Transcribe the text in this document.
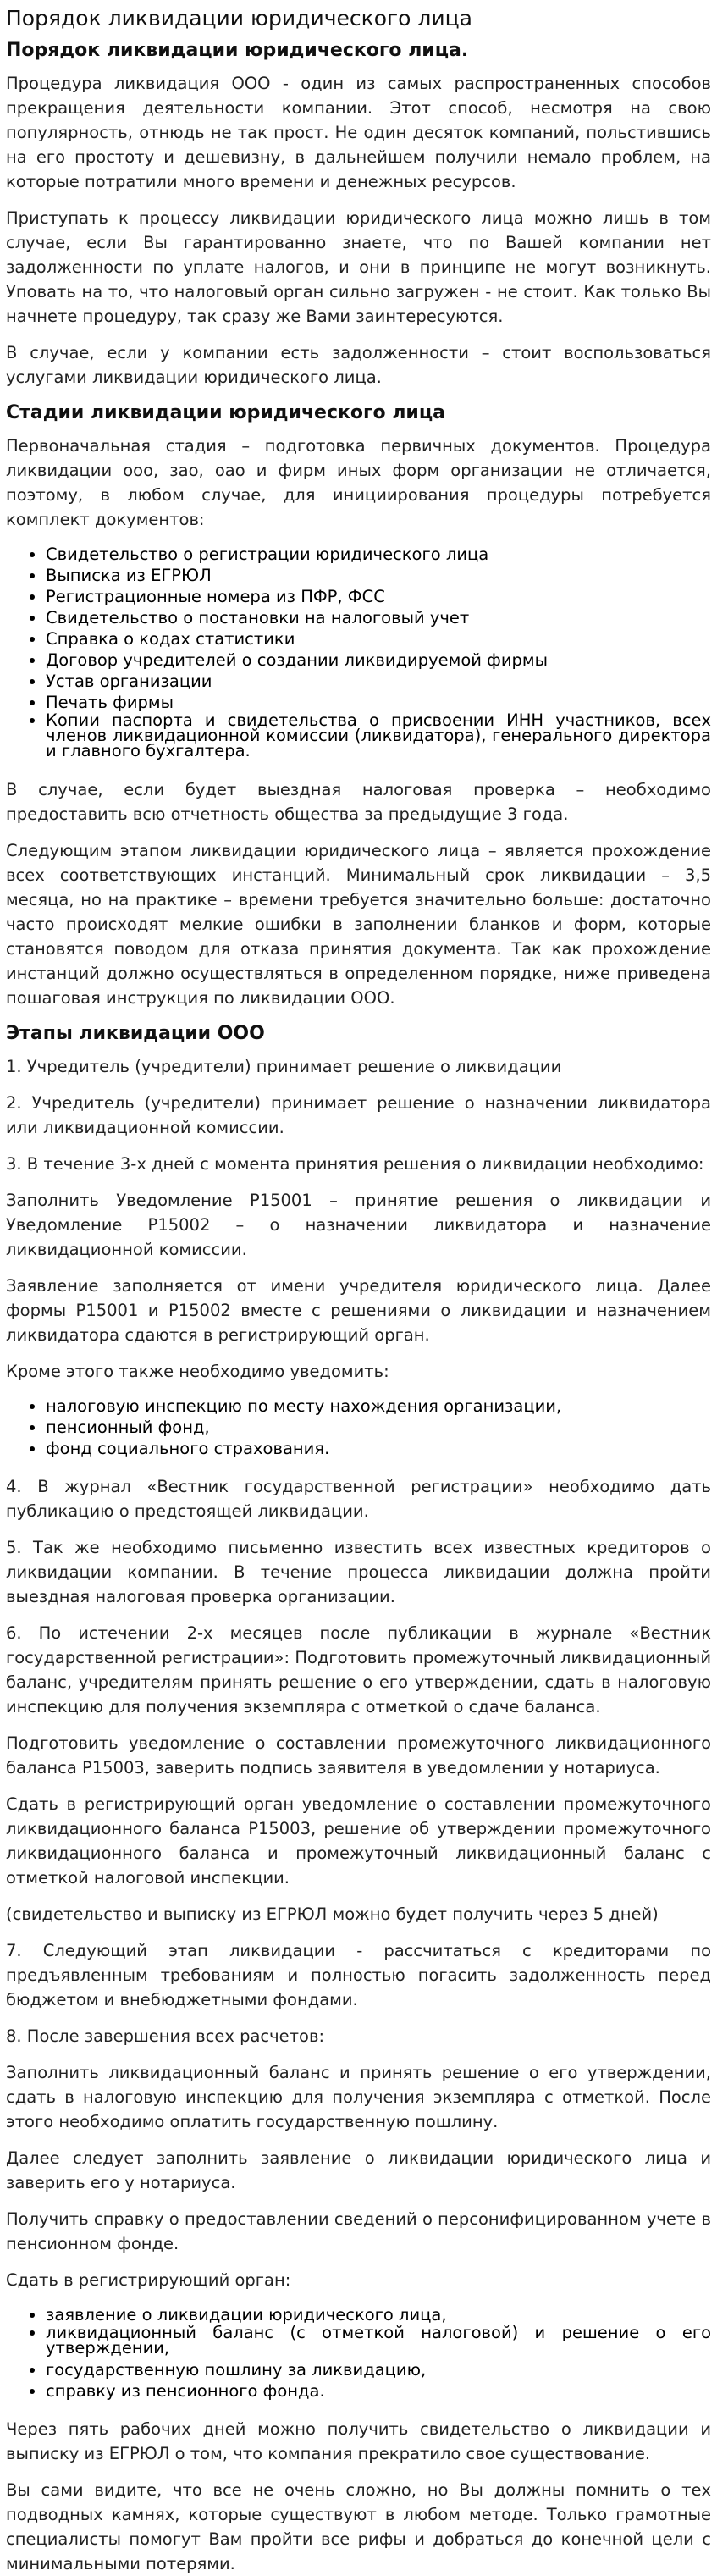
Порядок ликвидации юридического лица
Порядок ликвидации юридического лица.

Процедура ликвидация ООО - один из самых распространенных способов прекращения деятельности компании. Этот способ, несмотря на свою популярность, отнюдь не так прост. Не один десяток компаний, польстившись на его простоту и дешевизну, в дальнейшем получили немало проблем, на которые потратили много времени и денежных ресурсов.

Приступать к процессу ликвидации юридического лица можно лишь в том случае, если Вы гарантированно знаете, что по Вашей компании нет задолженности по уплате налогов, и они в принципе не могут возникнуть. Уповать на то, что налоговый орган сильно загружен - не стоит. Как только Вы начнете процедуру, так сразу же Вами заинтересуются.

В случае, если у компании есть задолженности – стоит воспользоваться услугами ликвидации юридического лица.

Стадии ликвидации юридического лица

Первоначальная стадия – подготовка первичных документов. Процедура ликвидации ооо, зао, оао и фирм иных форм организации не отличается, поэтому, в любом случае, для инициирования процедуры потребуется комплект документов:

• Свидетельство о регистрации юридического лица
• Выписка из ЕГРЮЛ
• Регистрационные номера из ПФР, ФСС
• Свидетельство о постановки на налоговый учет
• Справка о кодах статистики
• Договор учредителей о создании ликвидируемой фирмы
• Устав организации
• Печать фирмы
• Копии паспорта и свидетельства о присвоении ИНН участников, всех членов ликвидационной комиссии (ликвидатора), генерального директора и главного бухгалтера.

В случае, если будет выездная налоговая проверка – необходимо предоставить всю отчетность общества за предыдущие 3 года.

Следующим этапом ликвидации юридического лица – является прохождение всех соответствующих инстанций. Минимальный срок ликвидации – 3,5 месяца, но на практике – времени требуется значительно больше: достаточно часто происходят мелкие ошибки в заполнении бланков и форм, которые становятся поводом для отказа принятия документа. Так как прохождение инстанций должно осуществляться в определенном порядке, ниже приведена пошаговая инструкция по ликвидации ООО.

Этапы ликвидации ООО

1. Учредитель (учредители) принимает решение о ликвидации

2. Учредитель (учредители) принимает решение о назначении ликвидатора или ликвидационной комиссии.

3. В течение 3-х дней с момента принятия решения о ликвидации необходимо:

Заполнить Уведомление Р15001 – принятие решения о ликвидации и Уведомление Р15002 – о назначении ликвидатора и назначение ликвидационной комиссии.

Заявление заполняется от имени учредителя юридического лица. Далее формы Р15001 и Р15002 вместе с решениями о ликвидации и назначением ликвидатора сдаются в регистрирующий орган.

Кроме этого также необходимо уведомить:

• налоговую инспекцию по месту нахождения организации,
• пенсионный фонд,
• фонд социального страхования.

4. В журнал «Вестник государственной регистрации» необходимо дать публикацию о предстоящей ликвидации.

5. Так же необходимо письменно известить всех известных кредиторов о ликвидации компании. В течение процесса ликвидации должна пройти выездная налоговая проверка организации.

6. По истечении 2-х месяцев после публикации в журнале «Вестник государственной регистрации»: Подготовить промежуточный ликвидационный баланс, учредителям принять решение о его утверждении, сдать в налоговую инспекцию для получения экземпляра с отметкой о сдаче баланса.

Подготовить уведомление о составлении промежуточного ликвидационного баланса Р15003, заверить подпись заявителя в уведомлении у нотариуса.

Сдать в регистрирующий орган уведомление о составлении промежуточного ликвидационного баланса Р15003, решение об утверждении промежуточного ликвидационного баланса и промежуточный ликвидационный баланс с отметкой налоговой инспекции.

(свидетельство и выписку из ЕГРЮЛ можно будет получить через 5 дней)

7. Следующий этап ликвидации - рассчитаться с кредиторами по предъявленным требованиям и полностью погасить задолженность перед бюджетом и внебюджетными фондами.

8. После завершения всех расчетов:

Заполнить ликвидационный баланс и принять решение о его утверждении, сдать в налоговую инспекцию для получения экземпляра с отметкой. После этого необходимо оплатить государственную пошлину.

Далее следует заполнить заявление о ликвидации юридического лица и заверить его у нотариуса.

Получить справку о предоставлении сведений о персонифицированном учете в пенсионном фонде.

Сдать в регистрирующий орган:

• заявление о ликвидации юридического лица,
• ликвидационный баланс (с отметкой налоговой) и решение о его утверждении,
• государственную пошлину за ликвидацию,
• справку из пенсионного фонда.

Через пять рабочих дней можно получить свидетельство о ликвидации и выписку из ЕГРЮЛ о том, что компания прекратило свое существование.

Вы сами видите, что все не очень сложно, но Вы должны помнить о тех подводных камнях, которые существуют в любом методе. Только грамотные специалисты помогут Вам пройти все рифы и добраться до конечной цели с минимальными потерями.
